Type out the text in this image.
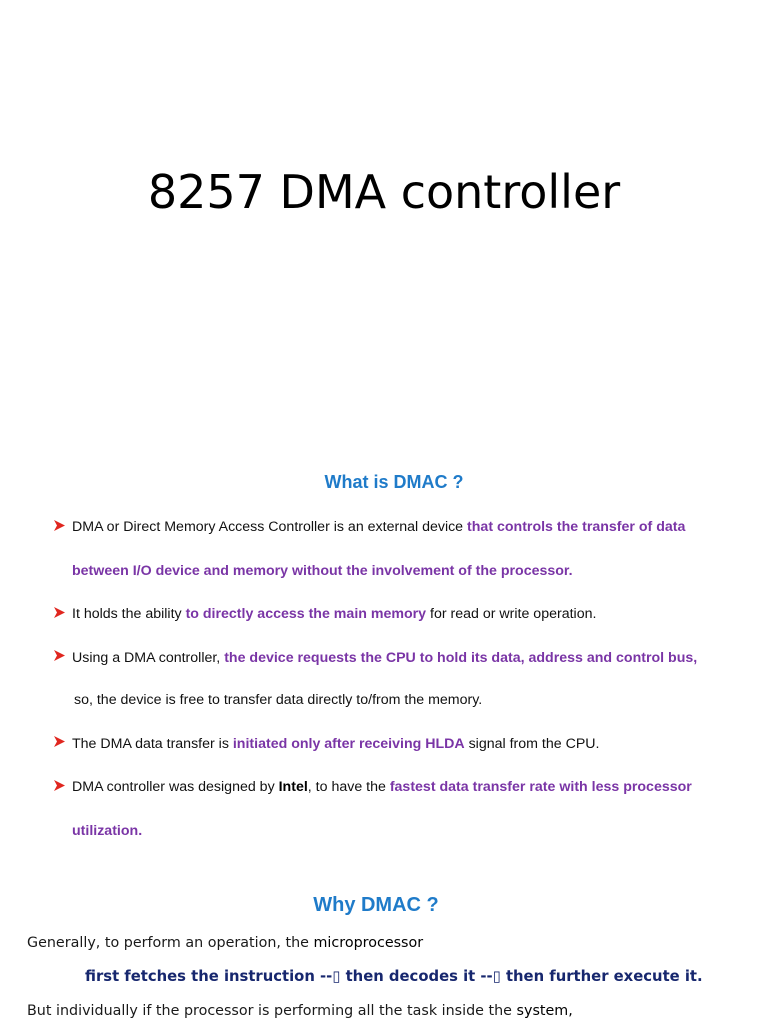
8257 DMA controller
What is DMAC ?
DMA or Direct Memory Access Controller is an external device that controls the transfer of data
between I/O device and memory without the involvement of the processor.
It holds the ability to directly access the main memory for read or write operation.
Using a DMA controller, the device requests the CPU to hold its data, address and control bus,
so, the device is free to transfer data directly to/from the memory.
The DMA data transfer is initiated only after receiving HLDA signal from the CPU.
DMA controller was designed by Intel, to have the fastest data transfer rate with less processor
utilization.
Why DMAC ?
Generally, to perform an operation, the microprocessor
first fetches the instruction --▯ then decodes it --▯ then further execute it.
But individually if the processor is performing all the task inside the system,
